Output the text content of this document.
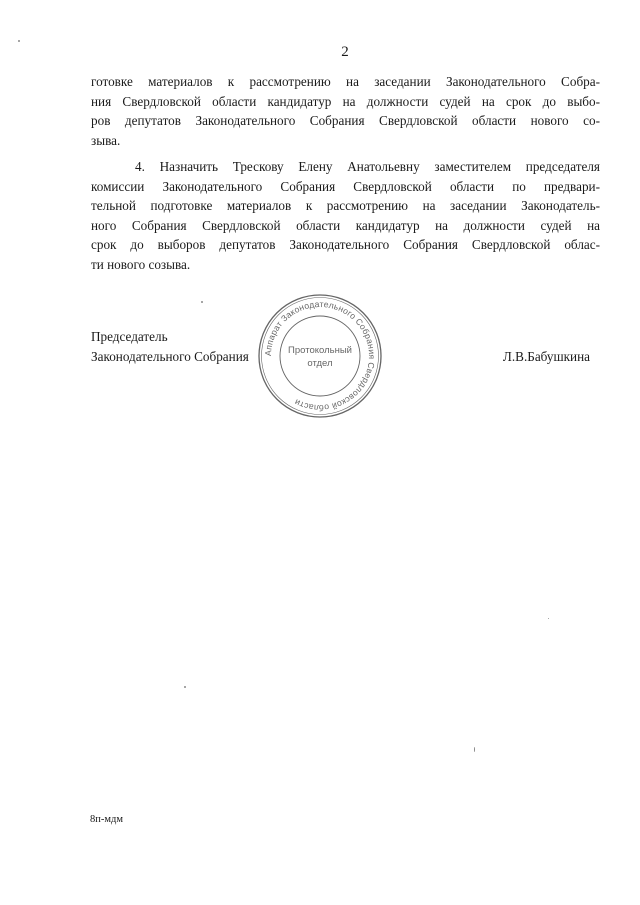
2
готовке материалов к рассмотрению на заседании Законодательного Собра-
ния Свердловской области кандидатур на должности судей на срок до выбо-
ров депутатов Законодательного Собрания Свердловской области нового со-
зыва.
4. Назначить Трескову Елену Анатольевну заместителем председателя
комиссии Законодательного Собрания Свердловской области по предвари-
тельной подготовке материалов к рассмотрению на заседании Законодатель-
ного Собрания Свердловской области кандидатур на должности судей на
срок до выборов депутатов Законодательного Собрания Свердловской облас-
ти нового созыва.
Председатель
Законодательного Собрания	Л.В.Бабушкина
Аппарат Законодательного Собрания Свердловской области
Протокольный
отдел
8п-мдм
